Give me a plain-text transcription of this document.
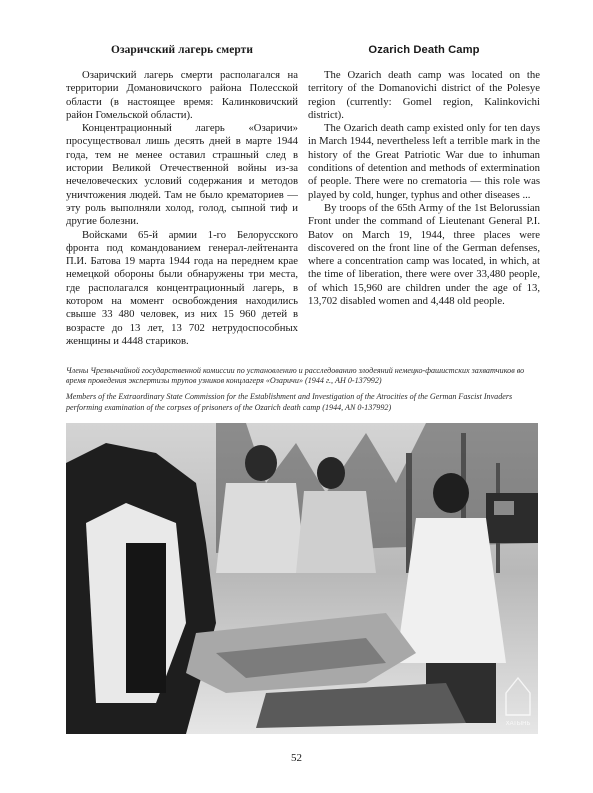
Озаричский лагерь смерти

Озаричский лагерь смерти располагался на территории Домановичского района Полесской области (в настоящее время: Калинковичский район Гомельской области).

Концентрационный лагерь «Озаричи» просуществовал лишь десять дней в марте 1944 года, тем не менее оставил страшный след в истории Великой Отечественной войны из-за нечеловеческих условий содержания и методов уничтожения людей. Там не было крематориев — эту роль выполняли холод, голод, сыпной тиф и другие болезни.

Войсками 65-й армии 1-го Белорусского фронта под командованием генерал-лейтенанта П.И. Батова 19 марта 1944 года на переднем крае немецкой обороны были обнаружены три места, где располагался концентрационный лагерь, в котором на момент освобождения находились свыше 33 480 человек, из них 15 960 детей в возрасте до 13 лет, 13 702 нетрудоспособных женщины и 4448 стариков.

Ozarich Death Camp

The Ozarich death camp was located on the territory of the Domanovichi district of the Polesye region (currently: Gomel region, Kalinkovichi district).

The Ozarich death camp existed only for ten days in March 1944, nevertheless left a terrible mark in the history of the Great Patriotic War due to inhuman conditions of detention and methods of extermination of people. There were no crematoria — this role was played by cold, hunger, typhus and other diseases ...

By troops of the 65th Army of the 1st Belorussian Front under the command of Lieutenant General P.I. Batov on March 19, 1944, three places were discovered on the front line of the German defenses, where a concentration camp was located, in which, at the time of liberation, there were over 33,480 people, of which 15,960 are children under the age of 13, 13,702 disabled women and 4,448 old people.

Члены Чрезвычайной государственной комиссии по установлению и расследованию злодеяний немецко-фашистских захватчиков во время проведения экспертизы трупов узников концлагеря «Озаричи» (1944 г., АН 0-137992)

Members of the Extraordinary State Commission for the Establishment and Investigation of the Atrocities of the German Fascist Invaders performing examination of the corpses of prisoners of the Ozarich death camp (1944, AN 0-137992)

ХАТЫНЬ
52
